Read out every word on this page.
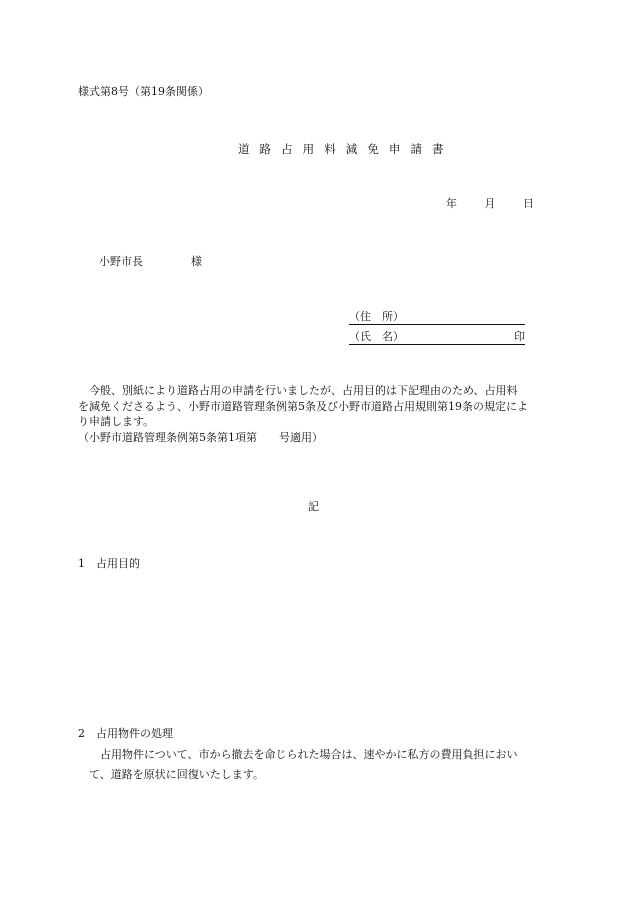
様式第8号（第19条関係）
道 路 占 用 料 減 免 申 請 書
年	月	日
小野市長	様
（住　所）
（氏　名）	印
　今般、別紙により道路占用の申請を行いましたが、占用目的は下記理由のため、占用料
を減免くださるよう、小野市道路管理条例第5条及び小野市道路占用規則第19条の規定によ
り申請します。
（小野市道路管理条例第5条第1項第　　号適用）
記
1　占用目的
2　占用物件の処理
　　占用物件について、市から撤去を命じられた場合は、速やかに私方の費用負担におい
　て、道路を原状に回復いたします。
